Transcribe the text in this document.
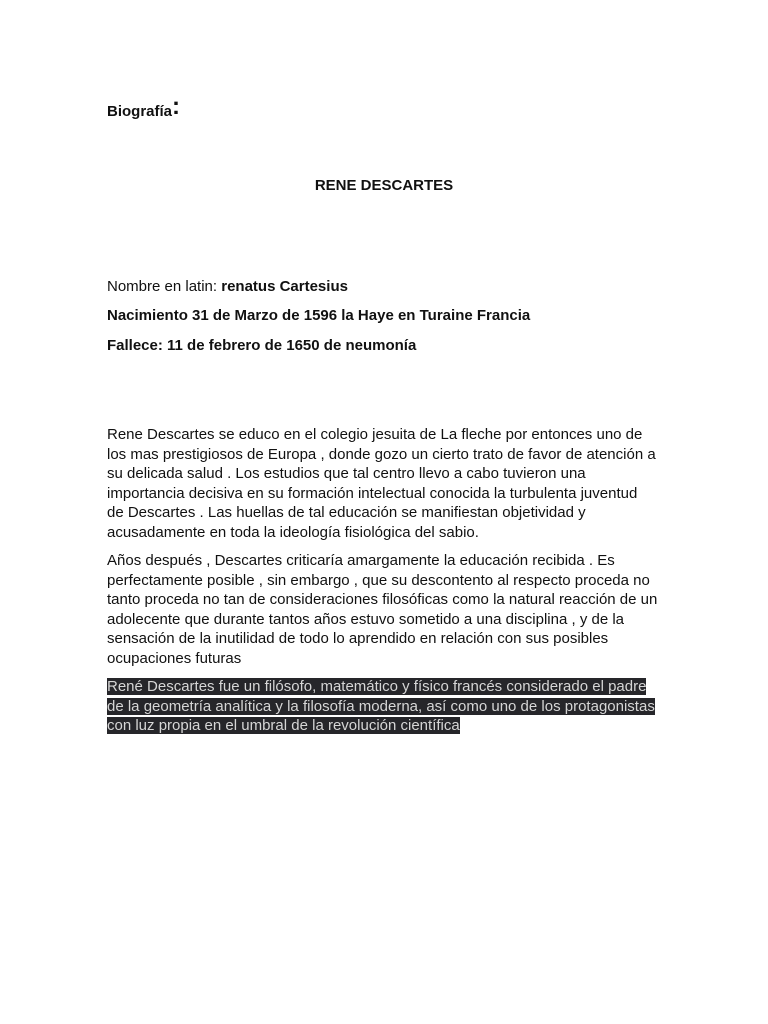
Biografía:
RENE DESCARTES
Nombre en latin: renatus Cartesius
Nacimiento 31 de Marzo de 1596 la Haye en Turaine Francia
Fallece: 11 de febrero de 1650 de neumonía

Rene Descartes se educo en el colegio jesuita de La fleche por entonces uno de
los mas prestigiosos de Europa , donde gozo un cierto trato de favor de atención a
su delicada salud . Los estudios que tal centro llevo a cabo tuvieron una
importancia decisiva en su formación intelectual conocida la turbulenta juventud
de Descartes . Las huellas de tal educación se manifiestan objetividad y
acusadamente en toda la ideología fisiológica del sabio.

Años después , Descartes criticaría amargamente la educación recibida . Es
perfectamente posible , sin embargo , que su descontento al respecto proceda no
tanto proceda no tan de consideraciones filosóficas como la natural reacción de un
adolecente que durante tantos años estuvo sometido a una disciplina , y de la
sensación de la inutilidad de todo lo aprendido en relación con sus posibles
ocupaciones futuras

René Descartes fue un filósofo, matemático y físico francés considerado el padre
de la geometría analítica y la filosofía moderna, así como uno de los protagonistas
con luz propia en el umbral de la revolución científica
